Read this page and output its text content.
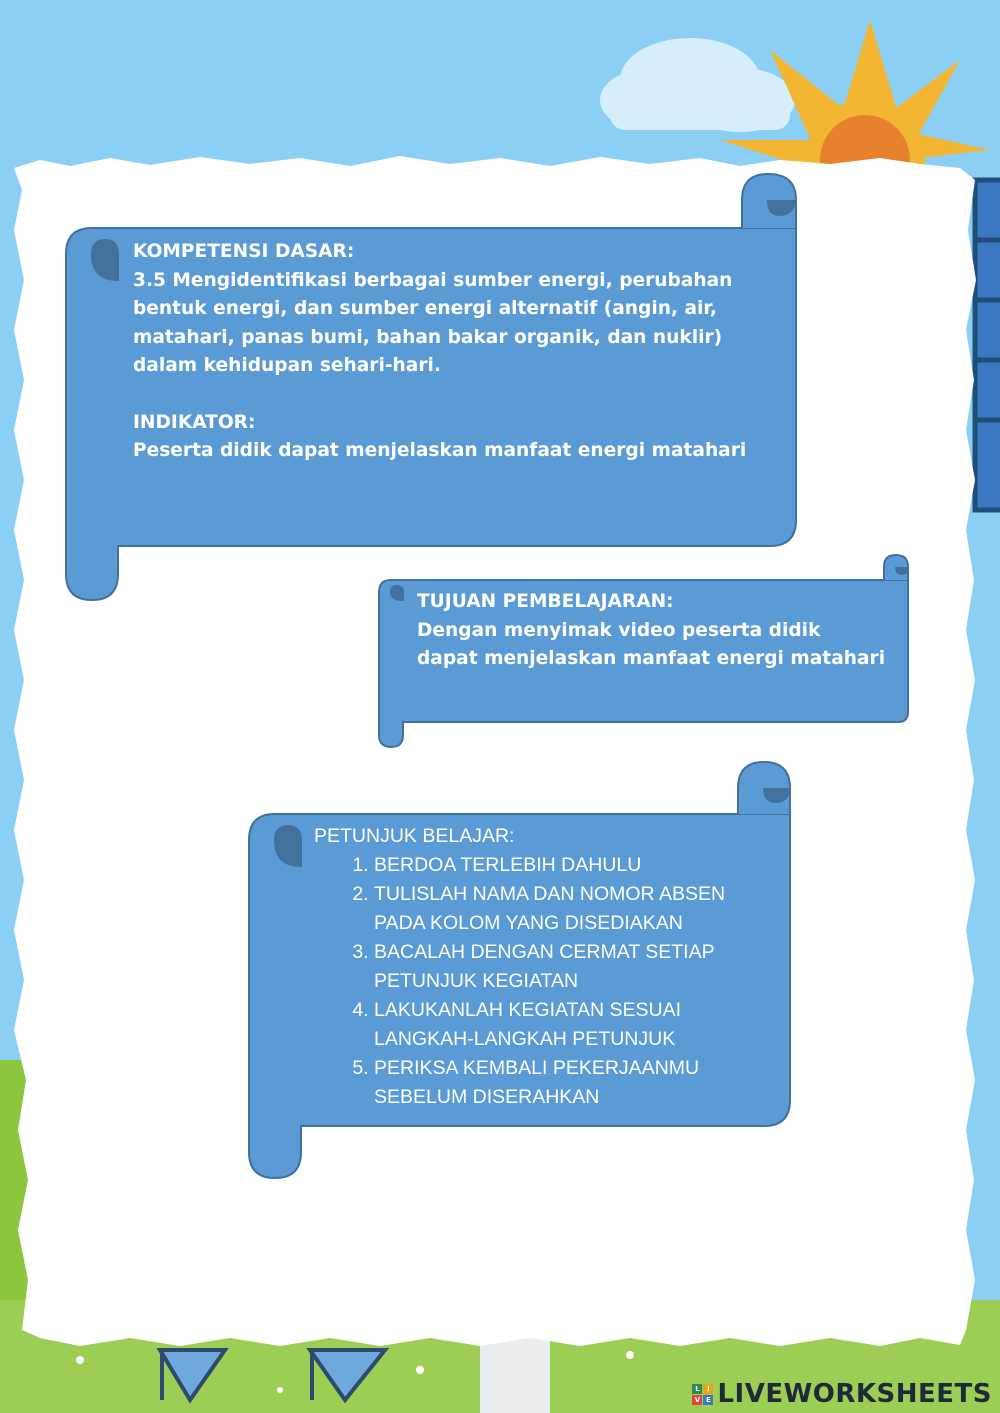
KOMPETENSI DASAR:

3.5 Mengidentifikasi berbagai sumber energi, perubahan bentuk energi, dan sumber energi alternatif (angin, air, matahari, panas bumi, bahan bakar organik, dan nuklir) dalam kehidupan sehari-hari.

INDIKATOR:

Peserta didik dapat menjelaskan manfaat energi matahari

TUJUAN PEMBELAJARAN:
Dengan menyimak video peserta didik dapat menjelaskan manfaat energi matahari
PETUNJUK BELAJAR:
1. BERDOA TERLEBIH DAHULU
2. TULISLAH NAMA DAN NOMOR ABSEN PADA KOLOM YANG DISEDIAKAN
3. BACALAH DENGAN CERMAT SETIAP PETUNJUK KEGIATAN
4. LAKUKANLAH KEGIATAN SESUAI LANGKAH-LANGKAH PETUNJUK
5. PERIKSA KEMBALI PEKERJAANMU SEBELUM DISERAHKAN
L	I
V E LIVEWORKSHEETS
